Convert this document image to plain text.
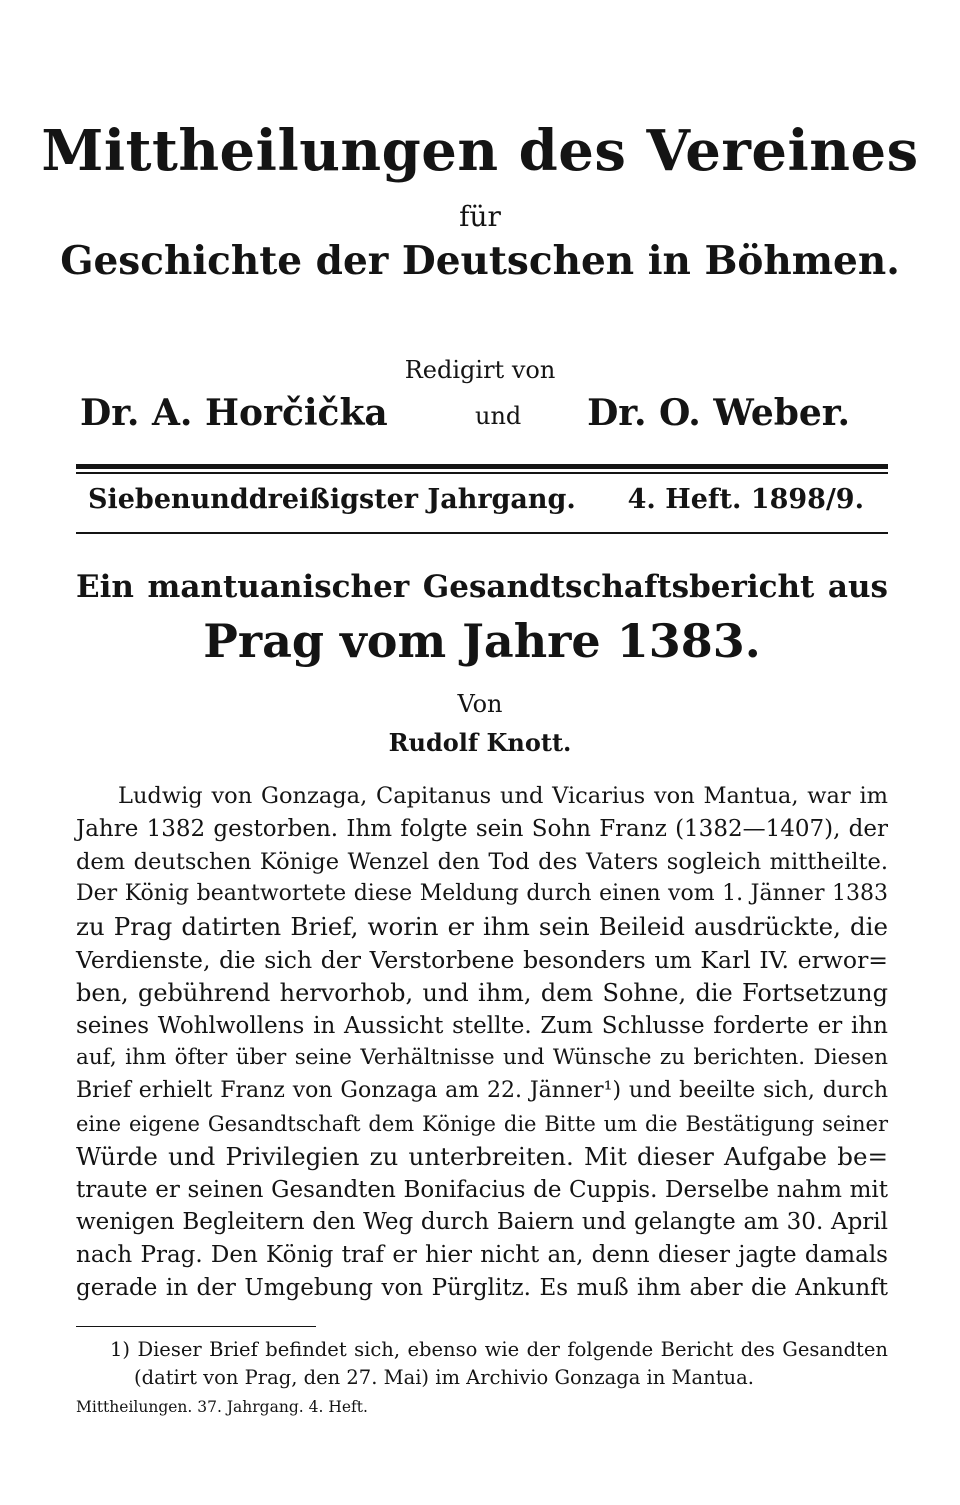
Mittheilungen des Vereines
für
Geschichte der Deutschen in Böhmen.
Redigirt von
Dr. A. Horčička	und Dr. O. Weber.
Siebenunddreißigster Jahrgang. 4. Heft. 1898/9.
Ein mantuanischer Gesandtschaftsbericht aus
Prag vom Jahre 1383.
Von
Rudolf Knott.
Ludwig von Gonzaga, Capitanus und Vicarius von Mantua, war im
Jahre 1382 gestorben. Ihm folgte sein Sohn Franz (1382—1407), der
dem deutschen Könige Wenzel den Tod des Vaters sogleich mittheilte.
Der König beantwortete diese Meldung durch einen vom 1. Jänner 1383
zu Prag datirten Brief, worin er ihm sein Beileid ausdrückte, die
Verdienste, die sich der Verstorbene besonders um Karl IV. erwor=
ben, gebührend hervorhob, und ihm, dem Sohne, die Fortsetzung
seines Wohlwollens in Aussicht stellte. Zum Schlusse forderte er ihn
auf, ihm öfter über seine Verhältnisse und Wünsche zu berichten. Diesen
Brief erhielt Franz von Gonzaga am 22. Jänner¹) und beeilte sich, durch
eine eigene Gesandtschaft dem Könige die Bitte um die Bestätigung seiner
Würde und Privilegien zu unterbreiten. Mit dieser Aufgabe be=
traute er seinen Gesandten Bonifacius de Cuppis. Derselbe nahm mit
wenigen Begleitern den Weg durch Baiern und gelangte am 30. April
nach Prag. Den König traf er hier nicht an, denn dieser jagte damals
gerade in der Umgebung von Pürglitz. Es muß ihm aber die Ankunft
1) Dieser Brief befindet sich, ebenso wie der folgende Bericht des Gesandten
(datirt von Prag, den 27. Mai) im Archivio Gonzaga in Mantua.
Mittheilungen. 37. Jahrgang. 4. Heft.
